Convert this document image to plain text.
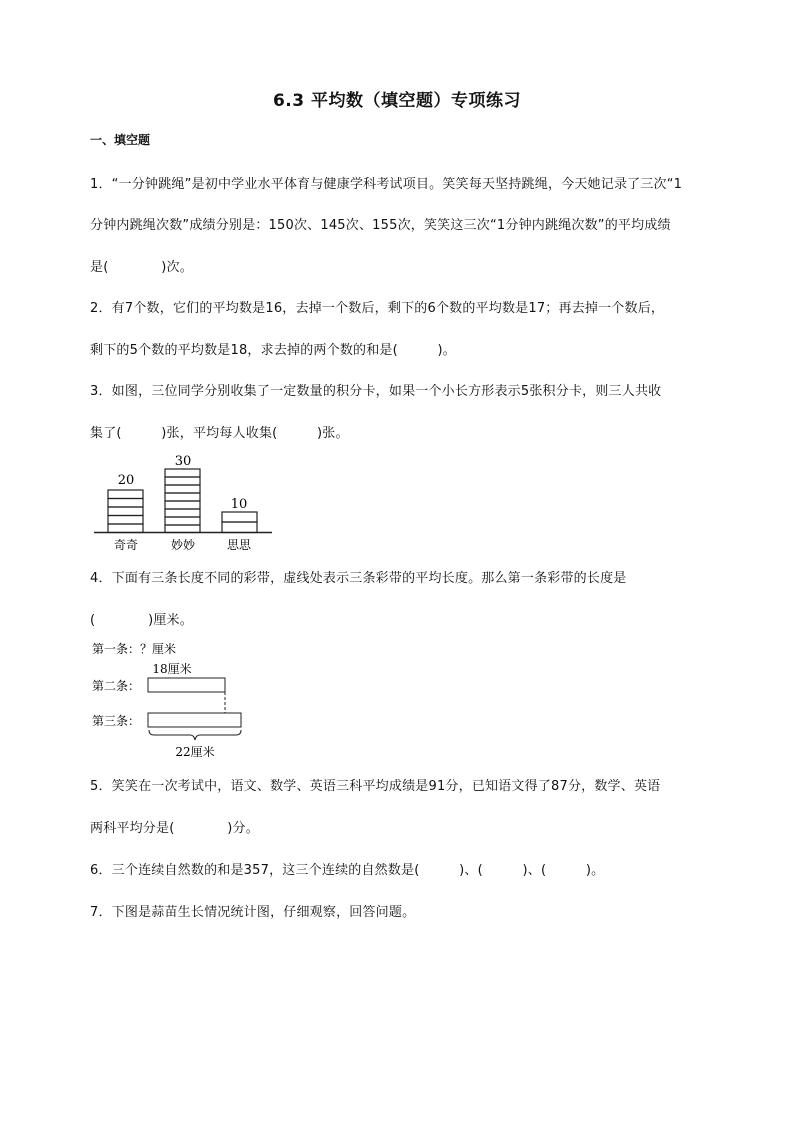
6.3 平均数（填空题）专项练习
一、填空题
1．“一分钟跳绳”是初中学业水平体育与健康学科考试项目。笑笑每天坚持跳绳，今天她记录了三次“1
分钟内跳绳次数”成绩分别是：150次、145次、155次，笑笑这三次“1分钟内跳绳次数”的平均成绩
是(　　　　)次。
2．有7个数，它们的平均数是16，去掉一个数后，剩下的6个数的平均数是17；再去掉一个数后，
剩下的5个数的平均数是18，求去掉的两个数的和是(　　　)。
3．如图，三位同学分别收集了一定数量的积分卡，如果一个小长方形表示5张积分卡，则三人共收
集了(　　　)张，平均每人收集(　　　)张。
20
奇奇
30
妙妙
10
思思
4．下面有三条长度不同的彩带，虚线处表示三条彩带的平均长度。那么第一条彩带的长度是
(　　　　)厘米。
第一条：？厘米
18厘米
第二条：
第三条：
22厘米
5．笑笑在一次考试中，语文、数学、英语三科平均成绩是91分，已知语文得了87分，数学、英语
两科平均分是(　　　　)分。
6．三个连续自然数的和是357，这三个连续的自然数是(　　　)、(　　　)、(　　　)。
7．下图是蒜苗生长情况统计图，仔细观察，回答问题。
